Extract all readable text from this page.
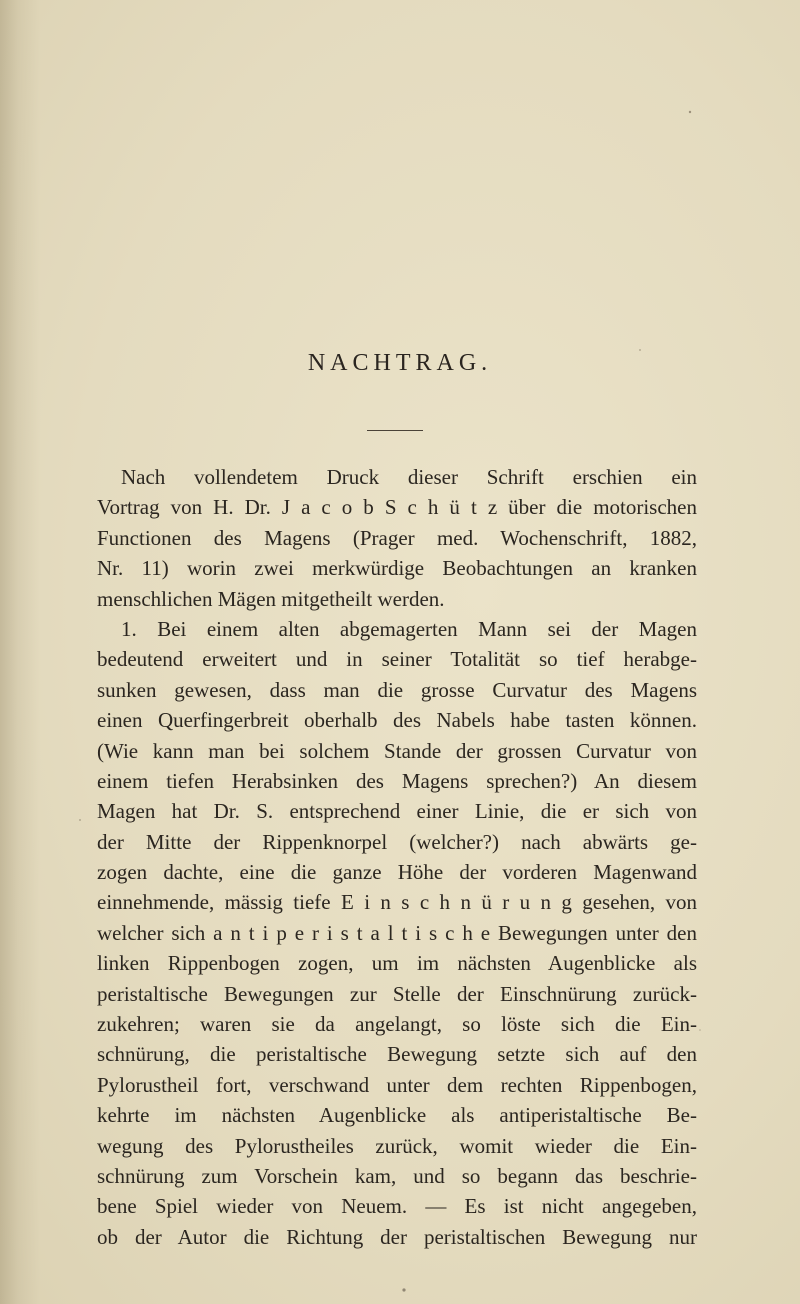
NACHTRAG.
Nach vollendetem Druck dieser Schrift erschien ein
Vortrag von H. Dr. J a c o b S c h ü t z über die motorischen
Functionen des Magens (Prager med. Wochenschrift, 1882,
Nr. 11) worin zwei merkwürdige Beobachtungen an kranken
menschlichen Mägen mitgetheilt werden.
1. Bei einem alten abgemagerten Mann sei der Magen
bedeutend erweitert und in seiner Totalität so tief herabge-
sunken gewesen, dass man die grosse Curvatur des Magens
einen Querfingerbreit oberhalb des Nabels habe tasten können.
(Wie kann man bei solchem Stande der grossen Curvatur von
einem tiefen Herabsinken des Magens sprechen?) An diesem
Magen hat Dr. S. entsprechend einer Linie, die er sich von
der Mitte der Rippenknorpel (welcher?) nach abwärts ge-
zogen dachte, eine die ganze Höhe der vorderen Magenwand
einnehmende, mässig tiefe E i n s c h n ü r u n g gesehen, von
welcher sich a n t i p e r i s t a l t i s c h e Bewegungen unter den
linken Rippenbogen zogen, um im nächsten Augenblicke als
peristaltische Bewegungen zur Stelle der Einschnürung zurück-
zukehren; waren sie da angelangt, so löste sich die Ein-
schnürung, die peristaltische Bewegung setzte sich auf den
Pylorustheil fort, verschwand unter dem rechten Rippenbogen,
kehrte im nächsten Augenblicke als antiperistaltische Be-
wegung des Pylorustheiles zurück, womit wieder die Ein-
schnürung zum Vorschein kam, und so begann das beschrie-
bene Spiel wieder von Neuem. — Es ist nicht angegeben,
ob der Autor die Richtung der peristaltischen Bewegung nur
